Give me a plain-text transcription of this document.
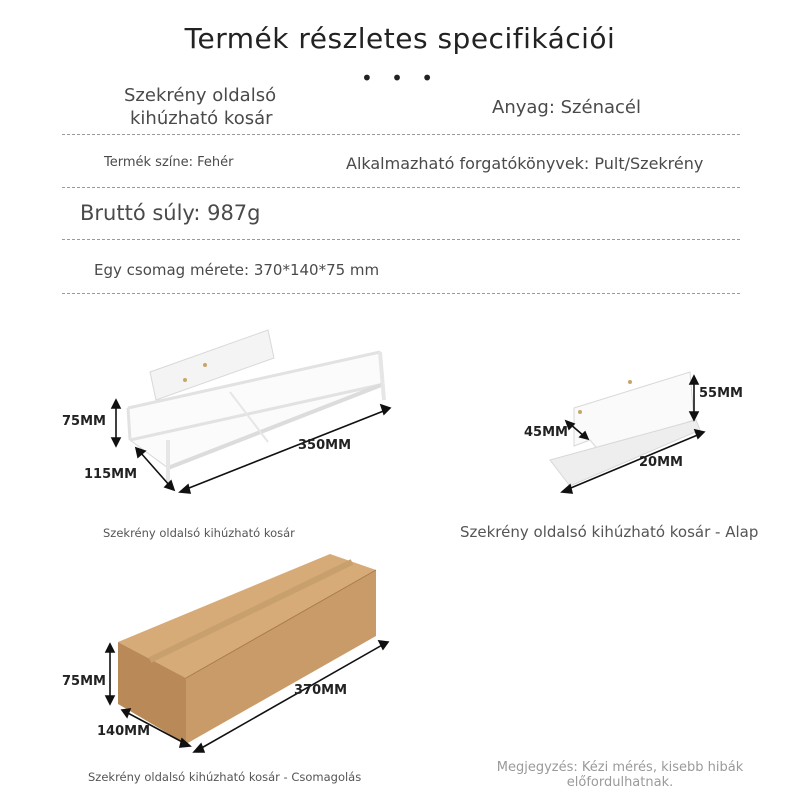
Termék részletes specifikációi
• • •
Szekrény oldalsó
kihúzható kosár
Anyag: Szénacél
Termék színe: Fehér	Alkalmazható forgatókönyvek: Pult/Szekrény
Bruttó súly: 987g
Egy csomag mérete: 370*140*75 mm
75MM
115MM
350MM
55MM
45MM
20MM
75MM
140MM
370MM
Szekrény oldalsó kihúzható kosár	Szekrény oldalsó kihúzható kosár - Alap
Szekrény oldalsó kihúzható kosár - Csomagolás
Megjegyzés: Kézi mérés, kisebb hibák
előfordulhatnak.
